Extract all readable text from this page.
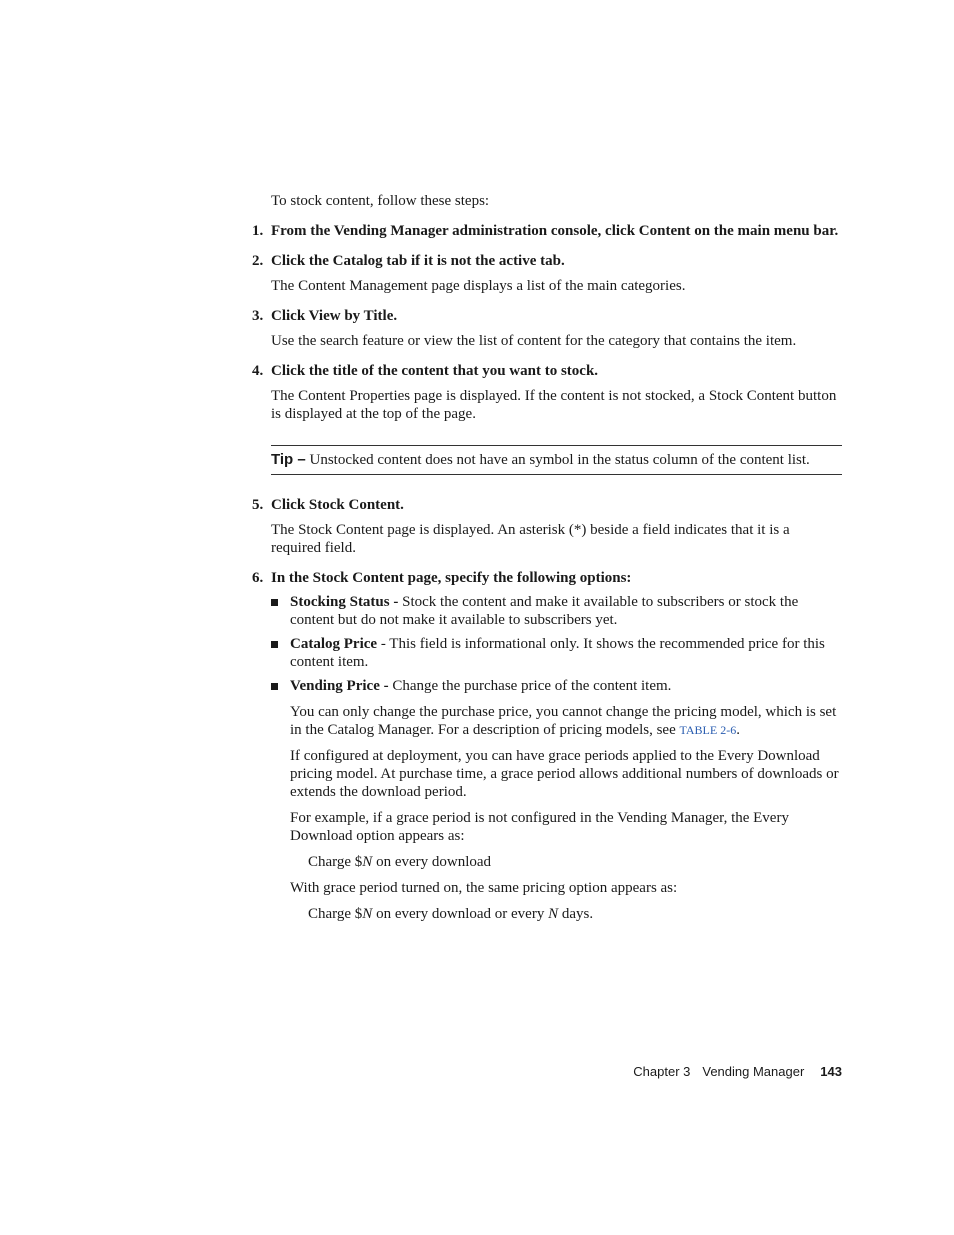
To stock content, follow these steps:

1. From the Vending Manager administration console, click Content on the main menu bar.

2. Click the Catalog tab if it is not the active tab.

The Content Management page displays a list of the main categories.

3. Click View by Title.

Use the search feature or view the list of content for the category that contains the item.

4. Click the title of the content that you want to stock.

The Content Properties page is displayed. If the content is not stocked, a Stock Content button is displayed at the top of the page.

Tip – Unstocked content does not have an symbol in the status column of the content list.
5. Click Stock Content.

The Stock Content page is displayed. An asterisk (*) beside a field indicates that it is a required field.

6. In the Stock Content page, specify the following options:

Stocking Status - Stock the content and make it available to subscribers or stock the content but do not make it available to subscribers yet.
Catalog Price - This field is informational only. It shows the recommended price for this content item.
Vending Price - Change the purchase price of the content item.

You can only change the purchase price, you cannot change the pricing model, which is set in the Catalog Manager. For a description of pricing models, see TABLE 2-6.

If configured at deployment, you can have grace periods applied to the Every Download pricing model. At purchase time, a grace period allows additional numbers of downloads or extends the download period.

For example, if a grace period is not configured in the Vending Manager, the Every Download option appears as:

Charge $N on every download

With grace period turned on, the same pricing option appears as:

Charge $N on every download or every N days.

Chapter 3 Vending Manager 143
